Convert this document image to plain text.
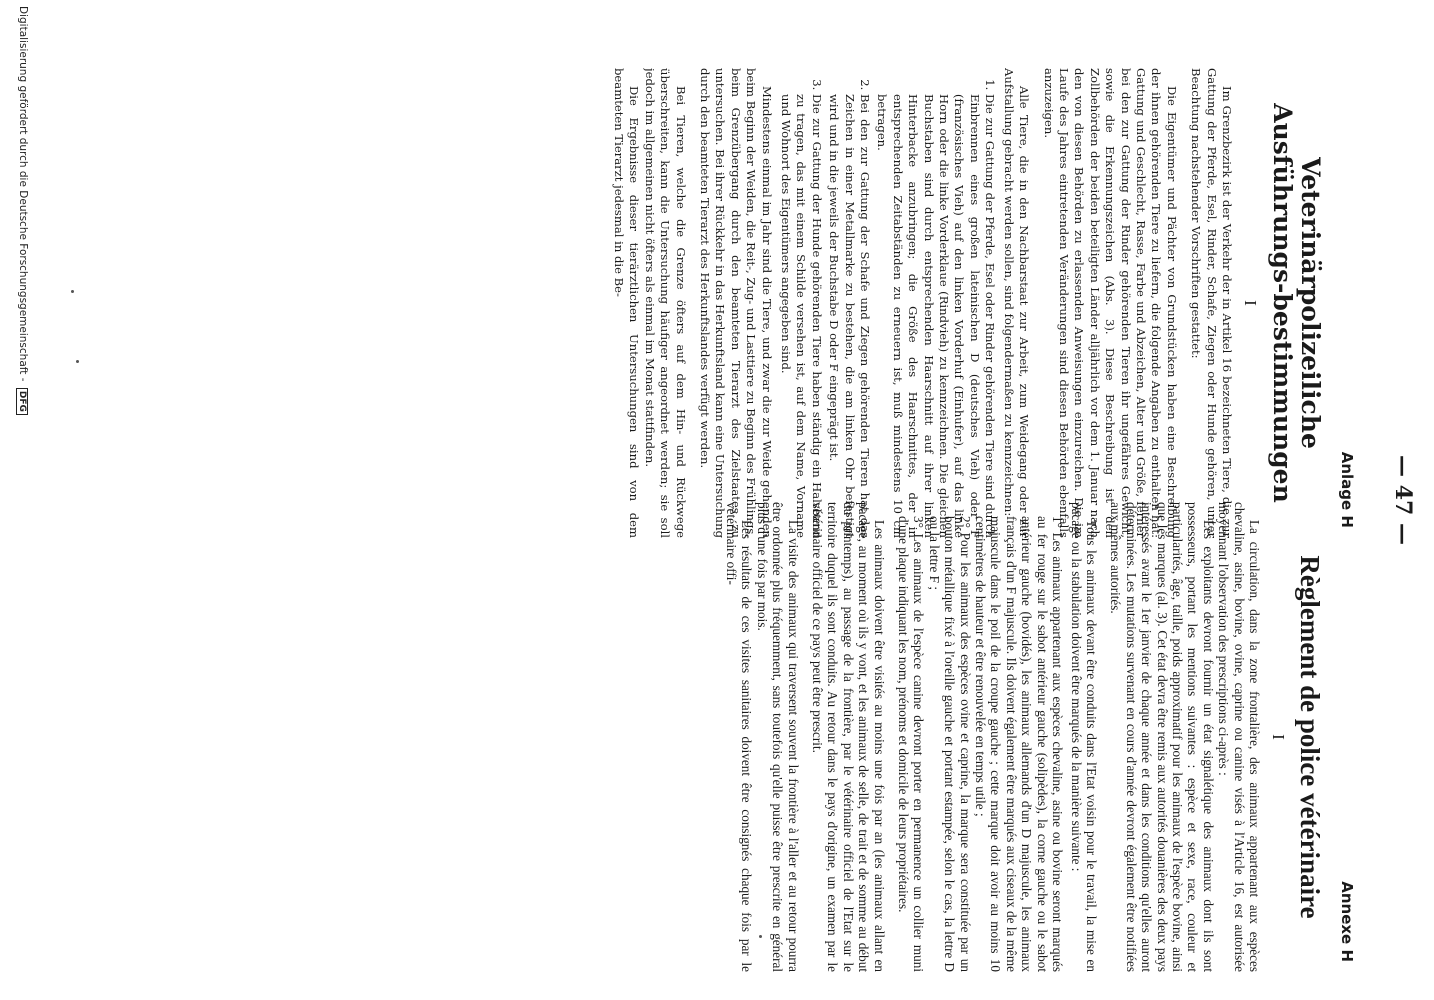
— 47 —
Anlage H
Veterinärpolizeiliche Ausführungs-bestimmungen
I

Im Grenzbezirk ist der Verkehr der in Artikel 16 bezeichneten Tiere, die zur Gattung der Pferde, Esel, Rinder, Schafe, Ziegen oder Hunde gehören, unter Beachtung nachstehender Vorschriften gestattet:

Die Eigentümer und Pächter von Grundstücken haben eine Beschreibung der ihnen gehörenden Tiere zu liefern, die folgende Angaben zu enthalten hat: Gattung und Geschlecht, Rasse, Farbe und Abzeichen, Alter und Größe, ferner bei den zur Gattung der Rinder gehörenden Tieren ihr ungefähres Gewicht, sowie die Erkennungszeichen (Abs. 3). Diese Beschreibung ist den Zollbehörden der beiden beteiligten Länder alljährlich vor dem 1. Januar nach den von diesen Behörden zu erlassenden Anweisungen einzureichen. Die im Laufe des Jahres eintretenden Veränderungen sind diesen Behörden ebenfalls anzuzeigen.

Alle Tiere, die in den Nachbarstaat zur Arbeit, zum Weidegang oder zur Aufstallung gebracht werden sollen, sind folgendermaßen zu kennzeichnen:

1. Die zur Gattung der Pferde, Esel oder Rinder gehörenden Tiere sind durch Einbrennen eines großen lateinischen D (deutsches Vieh) oder F (französisches Vieh) auf den linken Vorderhuf (Einhufer), auf das linke Horn oder die linke Vorderklaue (Rindvieh) zu kennzeichnen. Die gleichen Buchstaben sind durch entsprechenden Haarschnitt auf ihrer linken Hinterbacke anzubringen; die Größe des Haarschnittes, der in entsprechenden Zeitabständen zu erneuern ist, muß mindestens 10 cm betragen.
2. Bei den zur Gattung der Schafe und Ziegen gehörenden Tieren hat das Zeichen in einer Metallmarke zu bestehen, die am linken Ohr befestigt wird und in die jeweils der Buchstabe D oder F eingeprägt ist.
3. Die zur Gattung der Hunde gehörenden Tiere haben ständig ein Halsband zu tragen, das mit einem Schilde versehen ist, auf dem Name, Vorname und Wohnort des Eigentümers angegeben sind.

Mindestens einmal im Jahr sind die Tiere, und zwar die zur Weide gehenden beim Beginn der Weiden, die Reit-, Zug- und Lasttiere zu Beginn des Frühlings, beim Grenzübergang durch den beamteten Tierarzt des Zielstaates zu untersuchen. Bei ihrer Rückkehr in das Herkunftsland kann eine Untersuchung durch den beamteten Tierarzt des Herkunftslandes verfügt werden.

Bei Tieren, welche die Grenze öfters auf dem Hin- und Rückwege überschreiten, kann die Untersuchung häufiger angeordnet werden; sie soll jedoch im allgemeinen nicht öfters als einmal im Monat stattfinden.

Die Ergebnisse dieser tierärztlichen Untersuchungen sind von dem beamteten Tierarzt jedesmal in die Be-

Annexe H
Règlement de police vétérinaire
I

La circulation, dans la zone frontalière, des animaux appartenant aux espèces chevaline, asine, bovine, ovine, caprine ou canine visés à l'Article 16, est autorisée moyennant l'observation des prescriptions ci-après :

Les exploitants devront fournir un état signalétique des animaux dont ils sont possesseurs, portant les mentions suivantes : espèce et sexe, race, couleur et particularités, âge, taille, poids approximatif pour les animaux de l'espèce bovine, ainsi que les marques (al. 3). Cet état devra être remis aux autorités douanières des deux pays intéressés avant le 1er janvier de chaque année et dans les conditions qu'elles auront déterminées. Les mutations survenant en cours d'année devront également être notifiées aux mêmes autorités.

Tous les animaux devant être conduits dans l'Etat voisin pour le travail, la mise en pacage ou la stabulation doivent être marqués de la manière suivante :

1° Les animaux appartenant aux espèces chevaline, asine ou bovine seront marqués au fer rouge sur le sabot antérieur gauche (solipèdes), la corne gauche ou le sabot antérieur gauche (bovidés), les animaux allemands d'un D majuscule, les animaux français d'un F majuscule. Ils doivent également être marqués aux ciseaux de la même majuscule dans le poil de la croupe gauche ; cette marque doit avoir au moins 10 centimètres de hauteur et être renouvelée en temps utile ;

2° Pour les animaux des espèces ovine et caprine, la marque sera constituée par un bouton métallique fixé à l'oreille gauche et portant estampée, selon le cas, la lettre D ou la lettre F ;

3° Les animaux de l'espèce canine devront porter en permanence un collier muni d'une plaque indiquant les nom, prénoms et domicile de leurs propriétaires.

Les animaux doivent être visités au moins une fois par an (les animaux allant en pacage, au moment où ils y vont, et les animaux de selle, de trait et de somme au début du printemps), au passage de la frontière, par le vétérinaire officiel de l'Etat sur le territoire duquel ils sont conduits. Au retour dans le pays d'origine, un examen par le vétérinaire officiel de ce pays peut être prescrit.

La visite des animaux qui traversent souvent la frontière à l'aller et au retour pourra être ordonnée plus fréquemment, sans toutefois qu'elle puisse être prescrite en général plus d'une fois par mois.

Les résultats de ces visites sanitaires doivent être consignés chaque fois par le vétérinaire offi-

Digitalisierung gefördert durch die Deutsche Forschungsgemeinschaft - DFG
